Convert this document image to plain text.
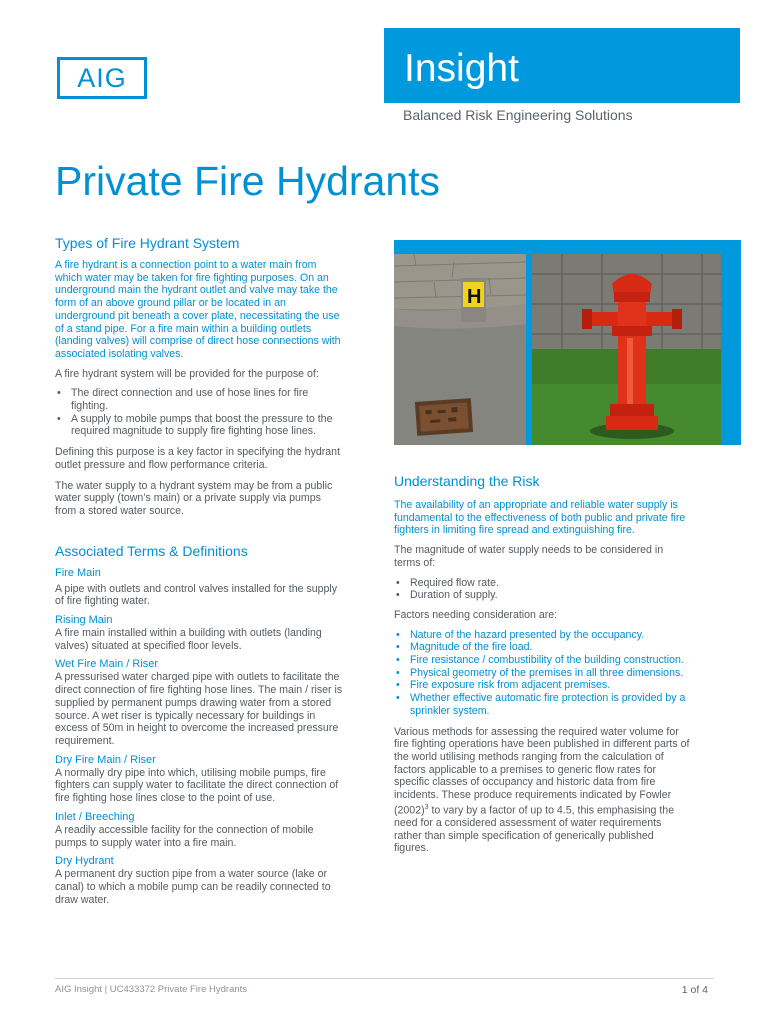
AIG	Insight
Balanced Risk Engineering Solutions
Private Fire Hydrants
Types of Fire Hydrant System

A fire hydrant is a connection point to a water main from which water may be taken for fire fighting purposes. On an underground main the hydrant outlet and valve may take the form of an above ground pillar or be located in an underground pit beneath a cover plate, necessitating the use of a stand pipe. For a fire main within a building outlets (landing valves) will comprise of direct hose connections with associated isolating valves.

A fire hydrant system will be provided for the purpose of:

• The direct connection and use of hose lines for fire fighting.
• A supply to mobile pumps that boost the pressure to the required magnitude to supply fire fighting hose lines.

Defining this purpose is a key factor in specifying the hydrant outlet pressure and flow performance criteria.

The water supply to a hydrant system may be from a public water supply (town’s main) or a private supply via pumps from a stored water source.

Associated Terms & Definitions
Fire Main

A pipe with outlets and control valves installed for the supply of fire fighting water.

Rising Main

A fire main installed within a building with outlets (landing valves) situated at specified floor levels.

Wet Fire Main / Riser

A pressurised water charged pipe with outlets to facilitate the direct connection of fire fighting hose lines. The main / riser is supplied by permanent pumps drawing water from a stored source. A wet riser is typically necessary for buildings in excess of 50m in height to overcome the increased pressure requirement.

Dry Fire Main / Riser

A normally dry pipe into which, utilising mobile pumps, fire fighters can supply water to facilitate the direct connection of fire fighting hose lines close to the point of use.

Inlet / Breeching

A readily accessible facility for the connection of mobile pumps to supply water into a fire main.

Dry Hydrant

A permanent dry suction pipe from a water source (lake or canal) to which a mobile pump can be readily connected to draw water.

H
Understanding the Risk

The availability of an appropriate and reliable water supply is fundamental to the effectiveness of both public and private fire fighters in limiting fire spread and extinguishing fire.

The magnitude of water supply needs to be considered in terms of:

• Required flow rate.
• Duration of supply.

Factors needing consideration are:

• Nature of the hazard presented by the occupancy.
• Magnitude of the fire load.
• Fire resistance / combustibility of the building construction.
• Physical geometry of the premises in all three dimensions.
• Fire exposure risk from adjacent premises.
• Whether effective automatic fire protection is provided by a sprinkler system.

Various methods for assessing the required water volume for fire fighting operations have been published in different parts of the world utilising methods ranging from the calculation of factors applicable to a premises to generic flow rates for specific classes of occupancy and historic data from fire incidents. These produce requirements indicated by Fowler $(2002)^3$ to vary by a factor of up to 4.5, this emphasising the need for a considered assessment of water requirements rather than simple specification of generically published figures.

AIG Insight | UC433372 Private Fire Hydrants	1 of 4
